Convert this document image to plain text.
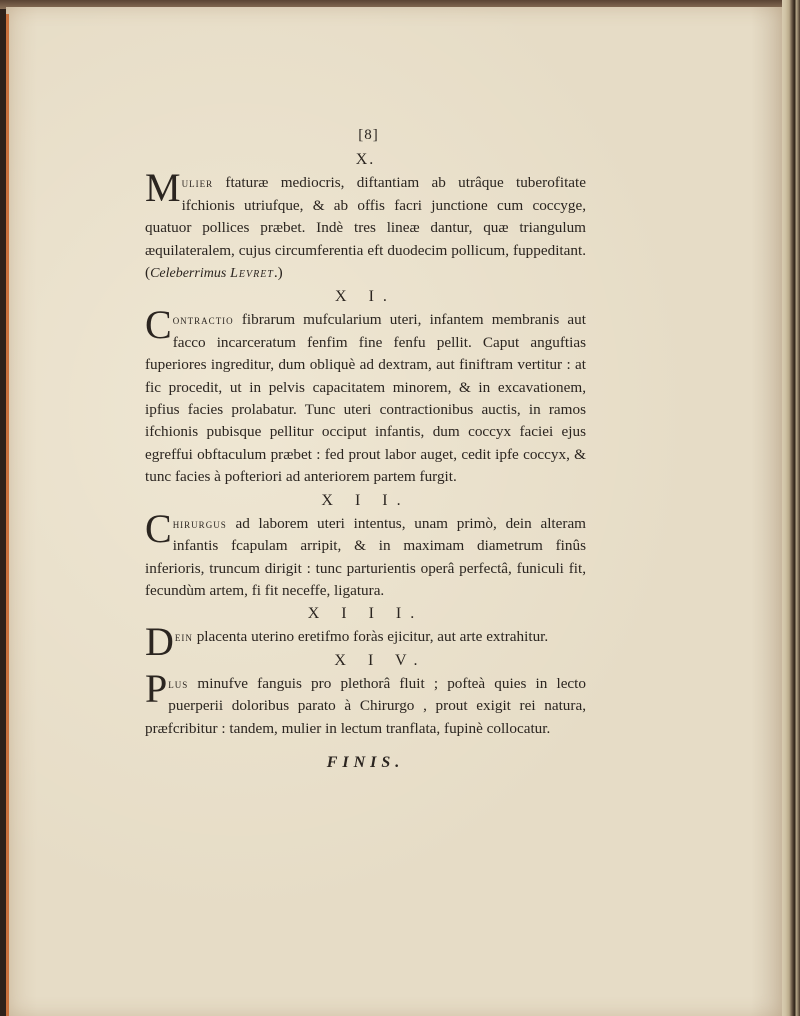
[8]
X.

Mulier ftaturæ mediocris, diftantiam ab utrâque tuberofitate ifchionis utriufque, & ab offis facri junctione cum coccyge, quatuor pollices præbet. Indè tres lineæ dantur, quæ triangulum æquilateralem, cujus circumferentia eft duodecim pollicum, fuppeditant. (Celeberrimus Levret.)

X I.

Contractio fibrarum mufcularium uteri, infantem membranis aut facco incarceratum fenfim fine fenfu pellit. Caput anguftias fuperiores ingreditur, dum obliquè ad dextram, aut finiftram vertitur : at fic procedit, ut in pelvis capacitatem minorem, & in excavationem, ipfius facies prolabatur. Tunc uteri contractionibus auctis, in ramos ifchionis pubisque pellitur occiput infantis, dum coccyx faciei ejus egreffui obftaculum præbet : fed prout labor auget, cedit ipfe coccyx, & tunc facies à pofteriori ad anteriorem partem furgit.

X I I.

Chirurgus ad laborem uteri intentus, unam primò, dein alteram infantis fcapulam arripit, & in maximam diametrum finûs inferioris, truncum dirigit : tunc parturientis operâ perfectâ, funiculi fit, fecundùm artem, fi fit neceffe, ligatura.

X I I I.

Dein placenta uterino eretifmo foràs ejicitur, aut arte extrahitur.

X I V.

Plus minufve fanguis pro plethorâ fluit ; pofteà quies in lecto puerperii doloribus parato à Chirurgo , prout exigit rei natura, præfcribitur : tandem, mulier in lectum tranflata, fupinè collocatur.

FINIS.
